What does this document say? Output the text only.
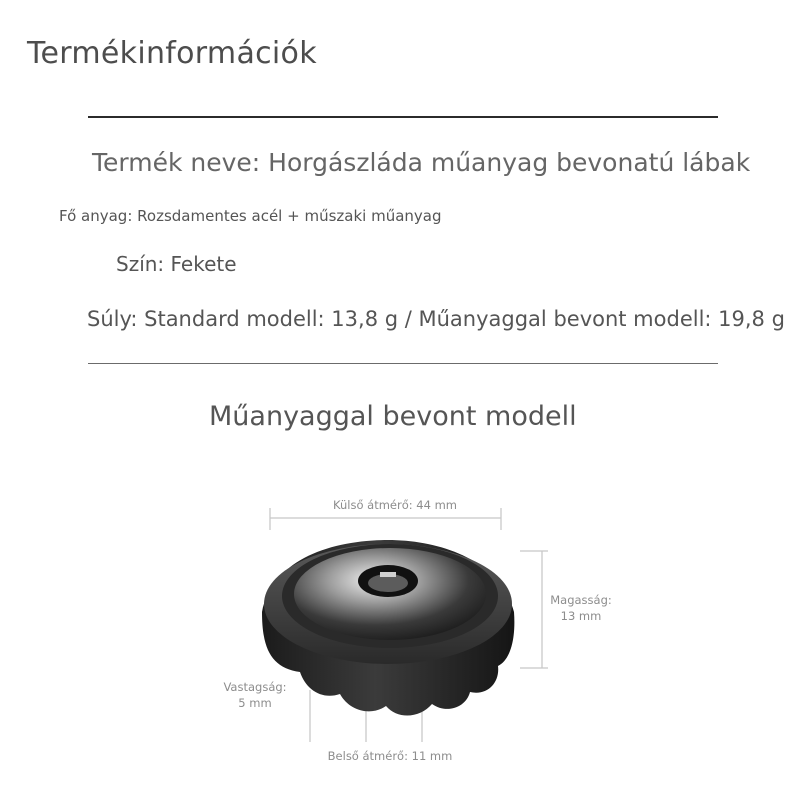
Termékinformációk
Termék neve: Horgászláda műanyag bevonatú lábak
Fő anyag: Rozsdamentes acél + műszaki műanyag
Szín: Fekete
Súly: Standard modell: 13,8 g / Műanyaggal bevont modell: 19,8 g
Műanyaggal bevont modell
Külső átmérő: 44 mm
Magasság:
13 mm
Vastagság:
5 mm
Belső átmérő: 11 mm
